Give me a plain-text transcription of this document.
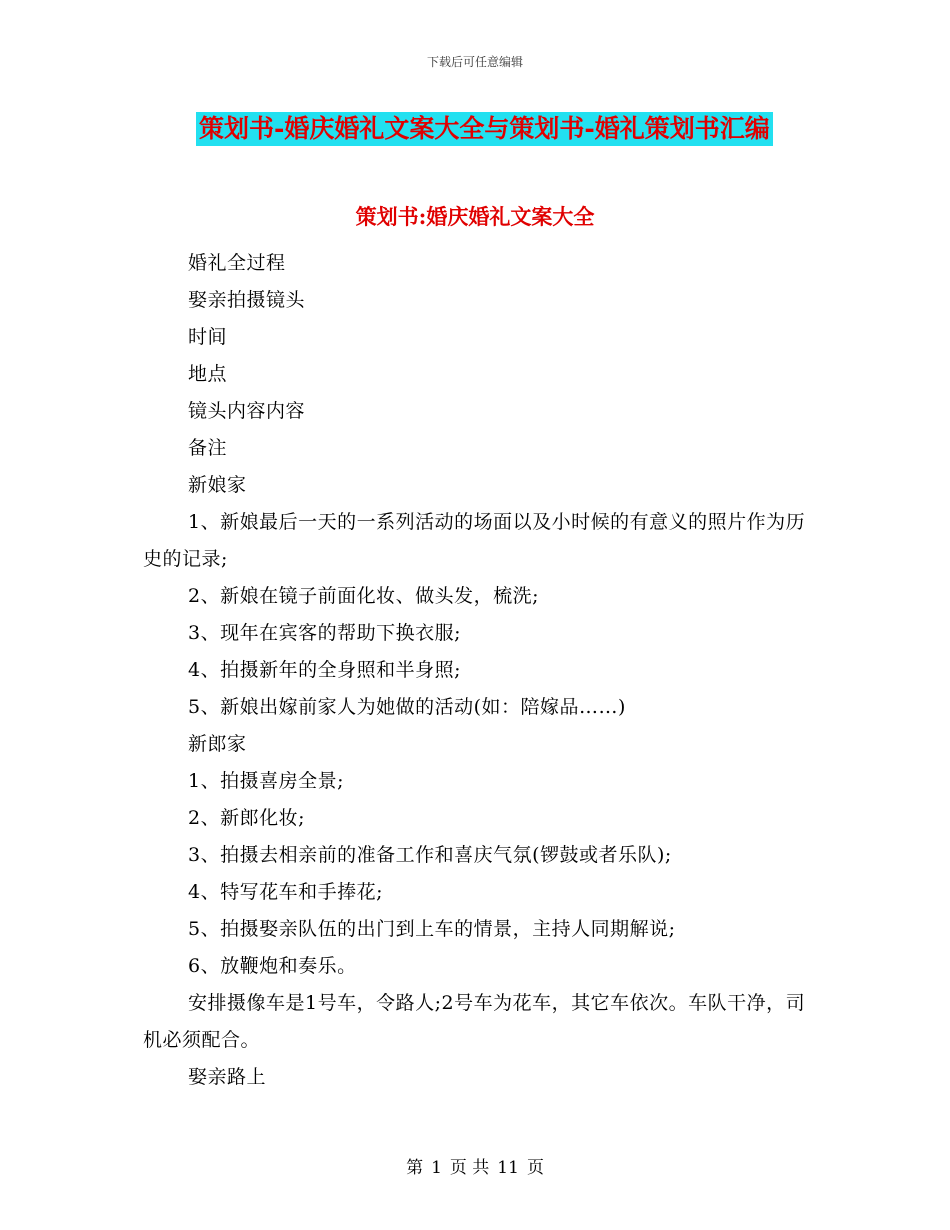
下载后可任意编辑
策划书-婚庆婚礼文案大全与策划书-婚礼策划书汇编
策划书:婚庆婚礼文案大全

婚礼全过程

娶亲拍摄镜头

时间

地点

镜头内容内容

备注

新娘家

1、新娘最后一天的一系列活动的场面以及小时候的有意义的照片作为历史的记录;

2、新娘在镜子前面化妆、做头发，梳洗;

3、现年在宾客的帮助下换衣服;

4、拍摄新年的全身照和半身照;

5、新娘出嫁前家人为她做的活动(如：陪嫁品……)

新郎家

1、拍摄喜房全景;

2、新郎化妆;

3、拍摄去相亲前的准备工作和喜庆气氛(锣鼓或者乐队);

4、特写花车和手捧花;

5、拍摄娶亲队伍的出门到上车的情景，主持人同期解说;

6、放鞭炮和奏乐。

安排摄像车是1号车，令路人;2号车为花车，其它车依次。车队干净，司机必须配合。

娶亲路上

第 1 页 共 11 页
